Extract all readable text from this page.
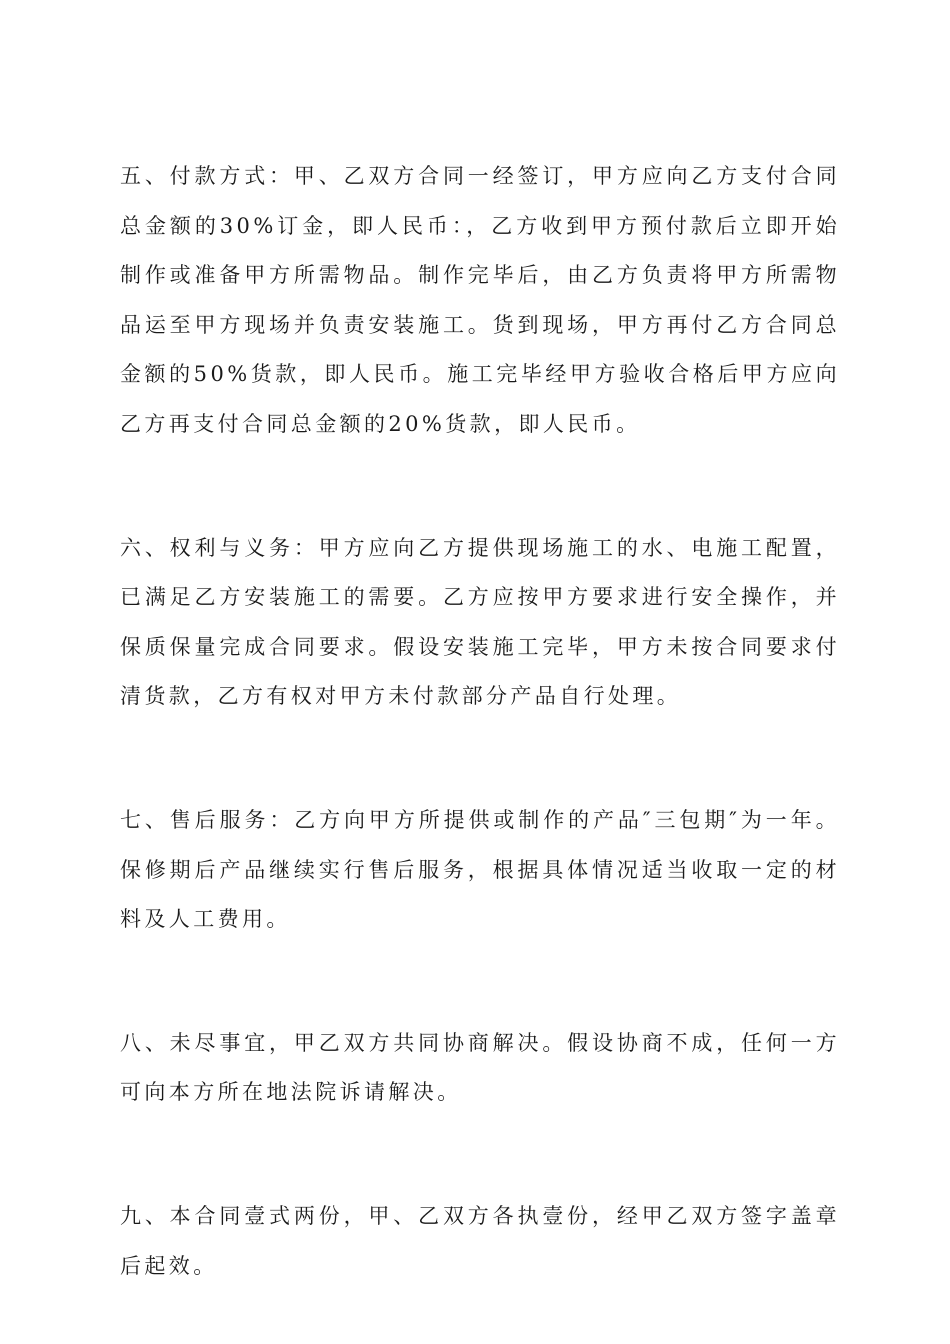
五、付款方式：甲、乙双方合同一经签订，甲方应向乙方支付合同总金额的30%订金，即人民币：，乙方收到甲方预付款后立即开始制作或准备甲方所需物品。制作完毕后，由乙方负责将甲方所需物品运至甲方现场并负责安装施工。货到现场，甲方再付乙方合同总金额的50%货款，即人民币。施工完毕经甲方验收合格后甲方应向乙方再支付合同总金额的20%货款，即人民币。

六、权利与义务：甲方应向乙方提供现场施工的水、电施工配置，已满足乙方安装施工的需要。乙方应按甲方要求进行安全操作，并保质保量完成合同要求。假设安装施工完毕，甲方未按合同要求付清货款，乙方有权对甲方未付款部分产品自行处理。

七、售后服务：乙方向甲方所提供或制作的产品″三包期″为一年。保修期后产品继续实行售后服务，根据具体情况适当收取一定的材料及人工费用。

八、未尽事宜，甲乙双方共同协商解决。假设协商不成，任何一方可向本方所在地法院诉请解决。

九、本合同壹式两份，甲、乙双方各执壹份，经甲乙双方签字盖章后起效。
